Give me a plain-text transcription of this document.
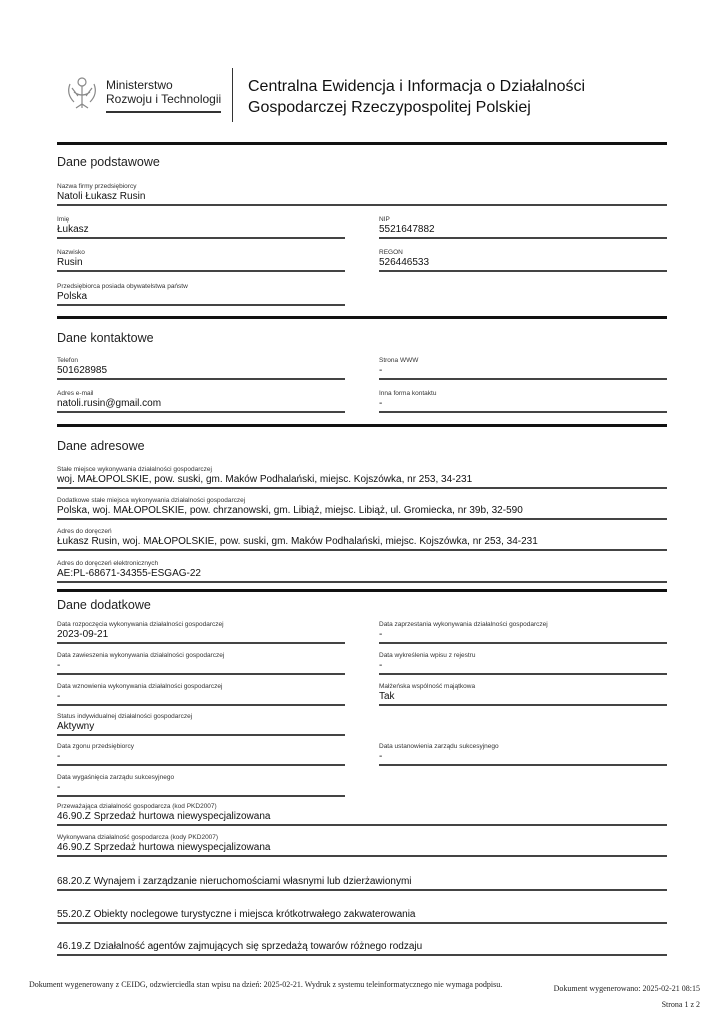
Ministerstwo
Rozwoju i Technologii
Centralna Ewidencja i Informacja o Działalności
Gospodarczej Rzeczypospolitej Polskiej
Dane podstawowe
Nazwa firmy przedsiębiorcy
Natoli Łukasz Rusin
Imię
Łukasz
NIP
5521647882
Nazwisko
Rusin
REGON
526446533
Przedsiębiorca posiada obywatelstwa państw
Polska
Dane kontaktowe
Telefon
501628985
Strona WWW
-
Adres e-mail
natoli.rusin@gmail.com
Inna forma kontaktu
-
Dane adresowe
Stałe miejsce wykonywania działalności gospodarczej
woj. MAŁOPOLSKIE, pow. suski, gm. Maków Podhalański, miejsc. Kojszówka, nr 253, 34-231
Dodatkowe stałe miejsca wykonywania działalności gospodarczej
Polska, woj. MAŁOPOLSKIE, pow. chrzanowski, gm. Libiąż, miejsc. Libiąż, ul. Gromiecka, nr 39b, 32-590
Adres do doręczeń
Łukasz Rusin, woj. MAŁOPOLSKIE, pow. suski, gm. Maków Podhalański, miejsc. Kojszówka, nr 253, 34-231
Adres do doręczeń elektronicznych
AE:PL-68671-34355-ESGAG-22
Dane dodatkowe
Data rozpoczęcia wykonywania działalności gospodarczej
2023-09-21
Data zaprzestania wykonywania działalności gospodarczej
-
Data zawieszenia wykonywania działalności gospodarczej
-
Data wykreślenia wpisu z rejestru
-
Data wznowienia wykonywania działalności gospodarczej
-
Małżeńska wspólność majątkowa
Tak
Status indywidualnej działalności gospodarczej
Aktywny
Data zgonu przedsiębiorcy
-
Data ustanowienia zarządu sukcesyjnego
-
Data wygaśnięcia zarządu sukcesyjnego
-
Przeważająca działalność gospodarcza (kod PKD2007)
46.90.Z Sprzedaż hurtowa niewyspecjalizowana
Wykonywana działalność gospodarcza (kody PKD2007)
46.90.Z Sprzedaż hurtowa niewyspecjalizowana
68.20.Z Wynajem i zarządzanie nieruchomościami własnymi lub dzierżawionymi
55.20.Z Obiekty noclegowe turystyczne i miejsca krótkotrwałego zakwaterowania
46.19.Z Działalność agentów zajmujących się sprzedażą towarów różnego rodzaju
Dokument wygenerowany z CEIDG, odzwierciedla stan wpisu na dzień: 2025-02-21. Wydruk z systemu teleinformatycznego nie wymaga podpisu.	Dokument wygenerowano: 2025-02-21 08:15
Strona 1 z 2
